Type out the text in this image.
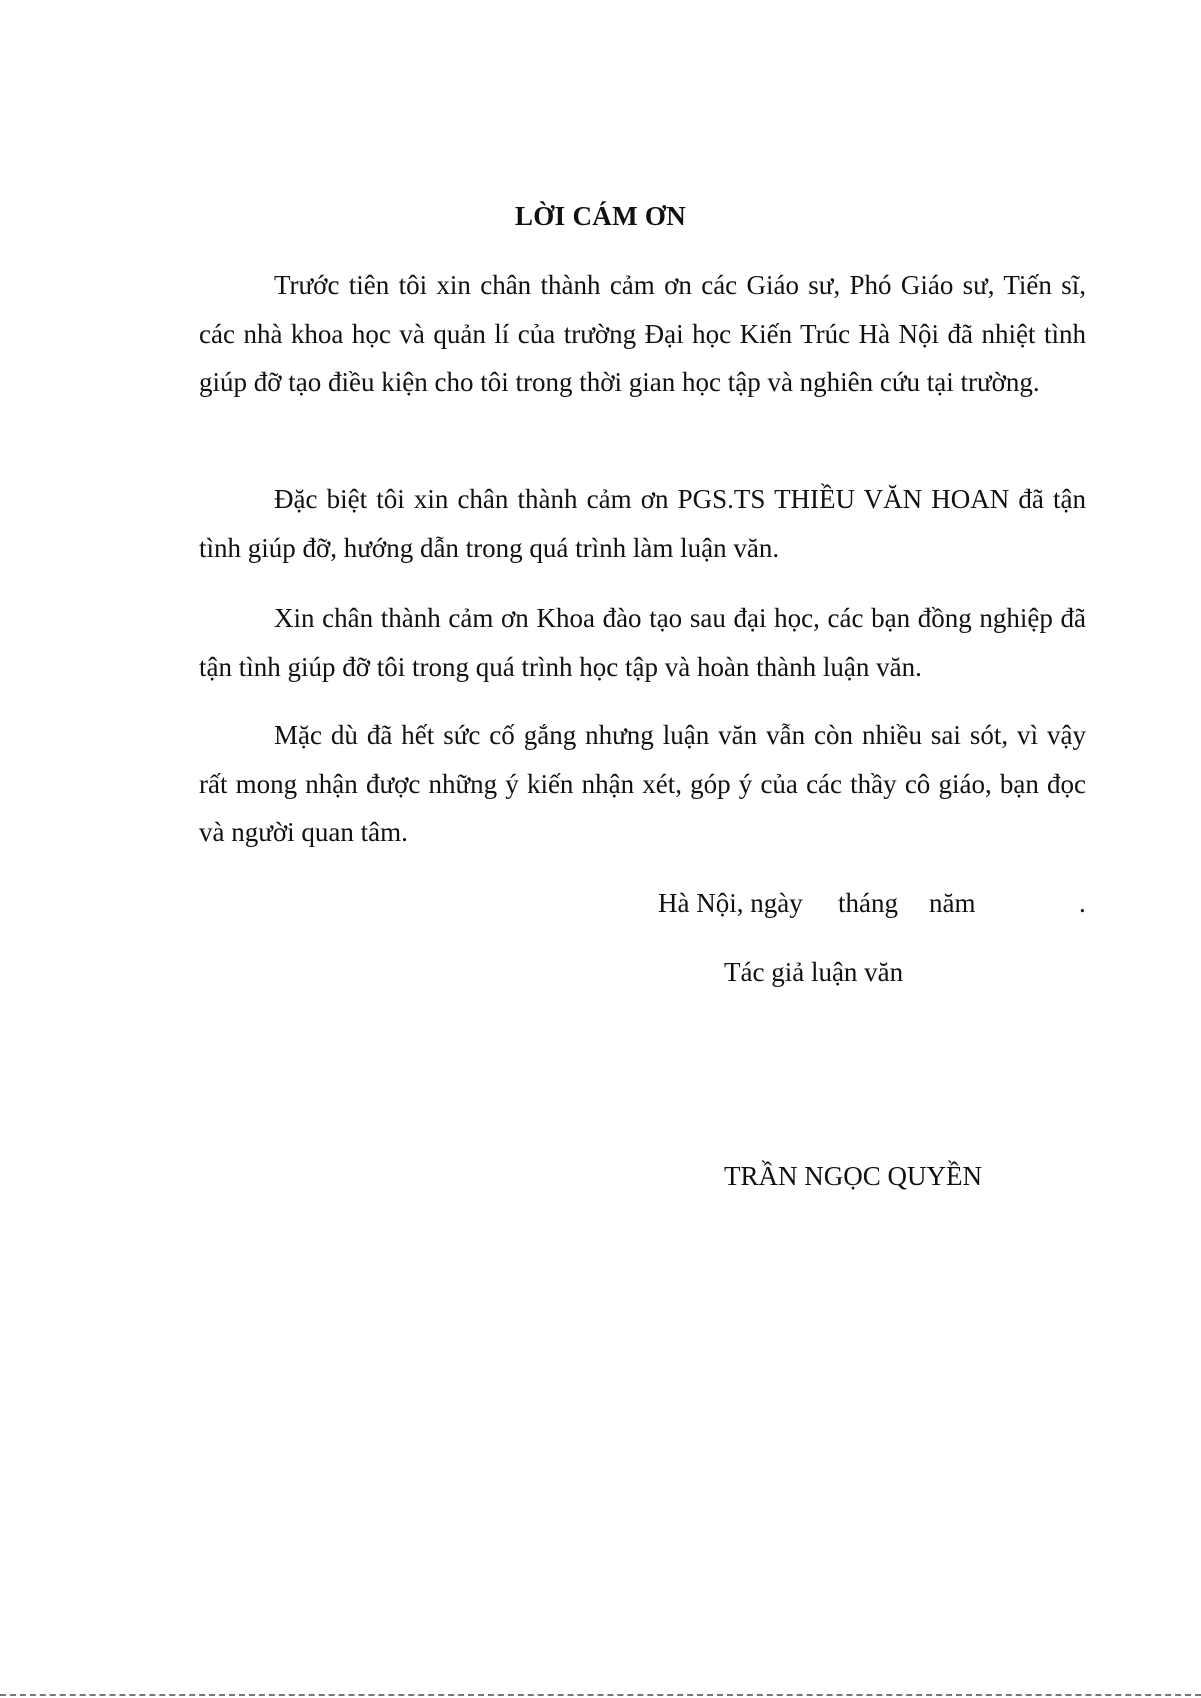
LỜI CÁM ƠN

Trước tiên tôi xin chân thành cảm ơn các Giáo sư, Phó Giáo sư, Tiến sĩ, các nhà khoa học và quản lí của trường Đại học Kiến Trúc Hà Nội đã nhiệt tình giúp đỡ tạo điều kiện cho tôi trong thời gian học tập và nghiên cứu tại trường.

Đặc biệt tôi xin chân thành cảm ơn PGS.TS THIỀU VĂN HOAN đã tận tình giúp đỡ, hướng dẫn trong quá trình làm luận văn.

Xin chân thành cảm ơn Khoa đào tạo sau đại học, các bạn đồng nghiệp đã tận tình giúp đỡ tôi trong quá trình học tập và hoàn thành luận văn.

Mặc dù đã hết sức cố gắng nhưng luận văn vẫn còn nhiều sai sót, vì vậy rất mong nhận được những ý kiến nhận xét, góp ý của các thầy cô giáo, bạn đọc và người quan tâm.

Hà Nội, ngày tháng năm	.
Tác giả luận văn
TRẦN NGỌC QUYỀN
